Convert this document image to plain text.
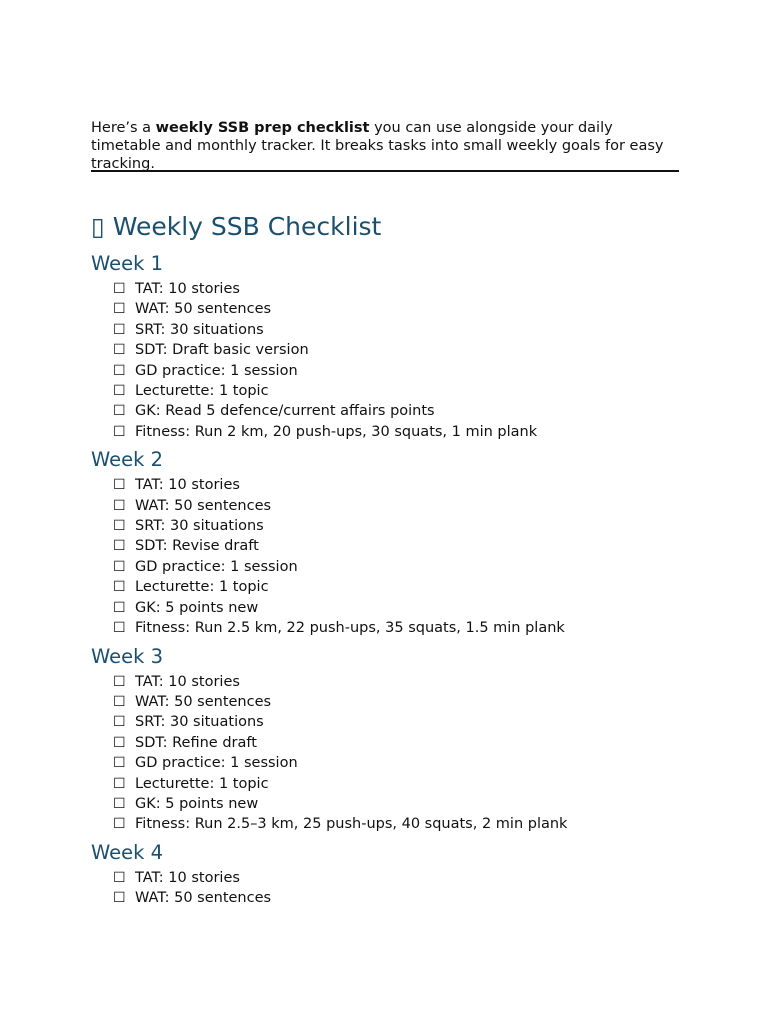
Here’s a weekly SSB prep checklist you can use alongside your daily timetable and monthly tracker. It breaks tasks into small weekly goals for easy tracking.

▯ Weekly SSB Checklist
Week 1
☐ TAT: 10 stories
☐ WAT: 50 sentences
☐ SRT: 30 situations
☐ SDT: Draft basic version
☐ GD practice: 1 session
☐ Lecturette: 1 topic
☐ GK: Read 5 defence/current affairs points
☐ Fitness: Run 2 km, 20 push-ups, 30 squats, 1 min plank
Week 2
☐ TAT: 10 stories
☐ WAT: 50 sentences
☐ SRT: 30 situations
☐ SDT: Revise draft
☐ GD practice: 1 session
☐ Lecturette: 1 topic
☐ GK: 5 points new
☐ Fitness: Run 2.5 km, 22 push-ups, 35 squats, 1.5 min plank
Week 3
☐ TAT: 10 stories
☐ WAT: 50 sentences
☐ SRT: 30 situations
☐ SDT: Refine draft
☐ GD practice: 1 session
☐ Lecturette: 1 topic
☐ GK: 5 points new
☐ Fitness: Run 2.5–3 km, 25 push-ups, 40 squats, 2 min plank
Week 4
☐ TAT: 10 stories
☐ WAT: 50 sentences
